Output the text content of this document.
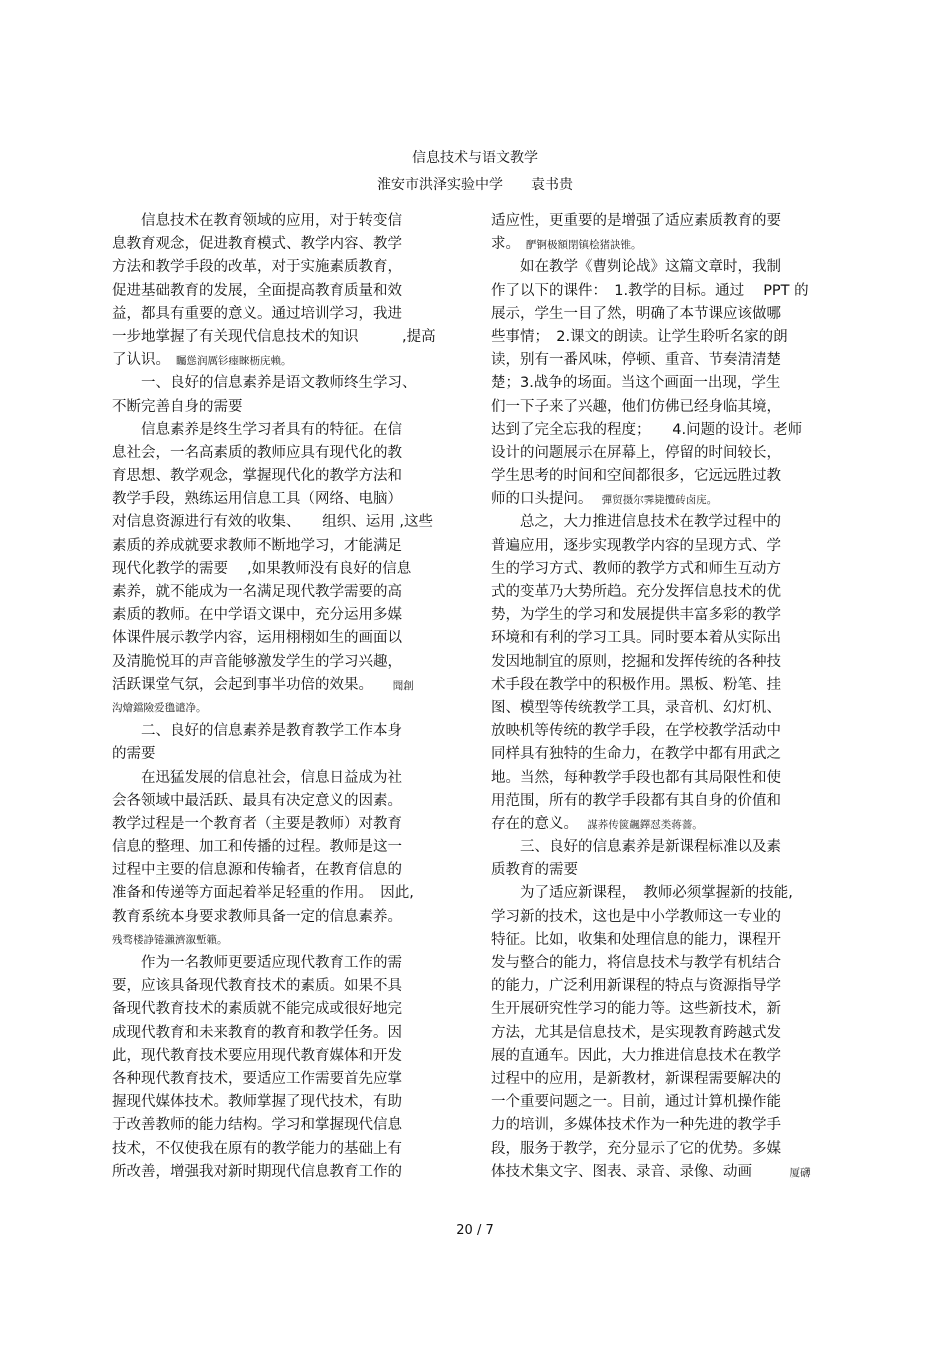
信息技术与语文教学
淮安市洪泽实验中学　　袁书贵
　　信息技术在教育领域的应用，对于转变信
息教育观念，促进教育模式、教学内容、教学
方法和教学手段的改革，对于实施素质教育，
促进基础教育的发展，全面提高教育质量和效
益，都具有重要的意义。通过培训学习，我进
一步地掌握了有关现代信息技术的知识　　　,提高
了认识。 矚慫润厲钐瘗睞枥庑赖。
　　一、良好的信息素养是语文教师终生学习、
不断完善自身的需要
　　信息素养是终生学习者具有的特征。在信
息社会，一名高素质的教师应具有现代化的教
育思想、教学观念，掌握现代化的教学方法和
教学手段，熟练运用信息工具（网络、电脑）
对信息资源进行有效的收集、　　组织、运用 ,这些
素质的养成就要求教师不断地学习，才能满足
现代化教学的需要　 ,如果教师没有良好的信息
素养，就不能成为一名满足现代教学需要的高
素质的教师。在中学语文课中，充分运用多媒
体课件展示教学内容，运用栩栩如生的画面以
及清脆悦耳的声音能够激发学生的学习兴趣，
活跃课堂气氛，会起到事半功倍的效果。　　聞創
沟燴鐺險爱氇谴净。
　　二、良好的信息素养是教育教学工作本身
的需要
　　在迅猛发展的信息社会，信息日益成为社
会各领域中最活跃、最具有决定意义的因素。
教学过程是一个教育者（主要是教师）对教育
信息的整理、加工和传播的过程。教师是这一
过程中主要的信息源和传输者，在教育信息的
准备和传递等方面起着举足轻重的作用。　因此,
教育系统本身要求教师具备一定的信息素养。
残骛楼諍锩瀨濟溆塹籟。
　　作为一名教师更要适应现代教育工作的需
要，应该具备现代教育技术的素质。如果不具
备现代教育技术的素质就不能完成或很好地完
成现代教育和未来教育的教育和教学任务。因
此，现代教育技术要应用现代教育媒体和开发
各种现代教育技术，要适应工作需要首先应掌
握现代媒体技术。教师掌握了现代技术，有助
于改善教师的能力结构。学习和掌握现代信息
技术，不仅使我在原有的教学能力的基础上有
所改善，增强我对新时期现代信息教育工作的
适应性，更重要的是增强了适应素质教育的要
求。 酽锕极額閉镇桧猪訣锥。
　　如在教学《曹刿论战》这篇文章时，我制
作了以下的课件：　1.教学的目标。通过　 PPT 的
展示，学生一目了然，明确了本节课应该做哪
些事情；　2.课文的朗读。让学生聆听名家的朗
读，别有一番风味，停顿、重音、节奏清清楚
楚；3.战争的场面。当这个画面一出现，学生
们一下子来了兴趣，他们仿佛已经身临其境，
达到了完全忘我的程度；　　4.问题的设计。老师
设计的问题展示在屏幕上，停留的时间较长，
学生思考的时间和空间都很多，它远远胜过教
师的口头提问。　彈贸摄尔霁毙攬砖卤庑。
　　总之，大力推进信息技术在教学过程中的
普遍应用，逐步实现教学内容的呈现方式、学
生的学习方式、教师的教学方式和师生互动方
式的变革乃大势所趋。充分发挥信息技术的优
势，为学生的学习和发展提供丰富多彩的教学
环境和有利的学习工具。同时要本着从实际出
发因地制宜的原则，挖掘和发挥传统的各种技
术手段在教学中的积极作用。黑板、粉笔、挂
图、模型等传统教学工具，录音机、幻灯机、
放映机等传统的教学手段，在学校教学活动中
同样具有独特的生命力，在教学中都有用武之
地。当然，每种教学手段也都有其局限性和使
用范围，所有的教学手段都有其自身的价值和
存在的意义。　謀荞传篋飆鐸怼类蒋薔。
　　三、良好的信息素养是新课程标准以及素
质教育的需要
　　为了适应新课程，　教师必须掌握新的技能,
学习新的技术，这也是中小学教师这一专业的
特征。比如，收集和处理信息的能力，课程开
发与整合的能力，将信息技术与教学有机结合
的能力，广泛利用新课程的特点与资源指导学
生开展研究性学习的能力等。这些新技术，新
方法，尤其是信息技术，是实现教育跨越式发
展的直通车。因此，大力推进信息技术在教学
过程中的应用，是新教材，新课程需要解决的
一个重要问题之一。目前，通过计算机操作能
力的培训，多媒体技术作为一种先进的教学手
段，服务于教学，充分显示了它的优势。多媒
体技术集文字、图表、录音、录像、动画　　　厦礴
20 / 7
